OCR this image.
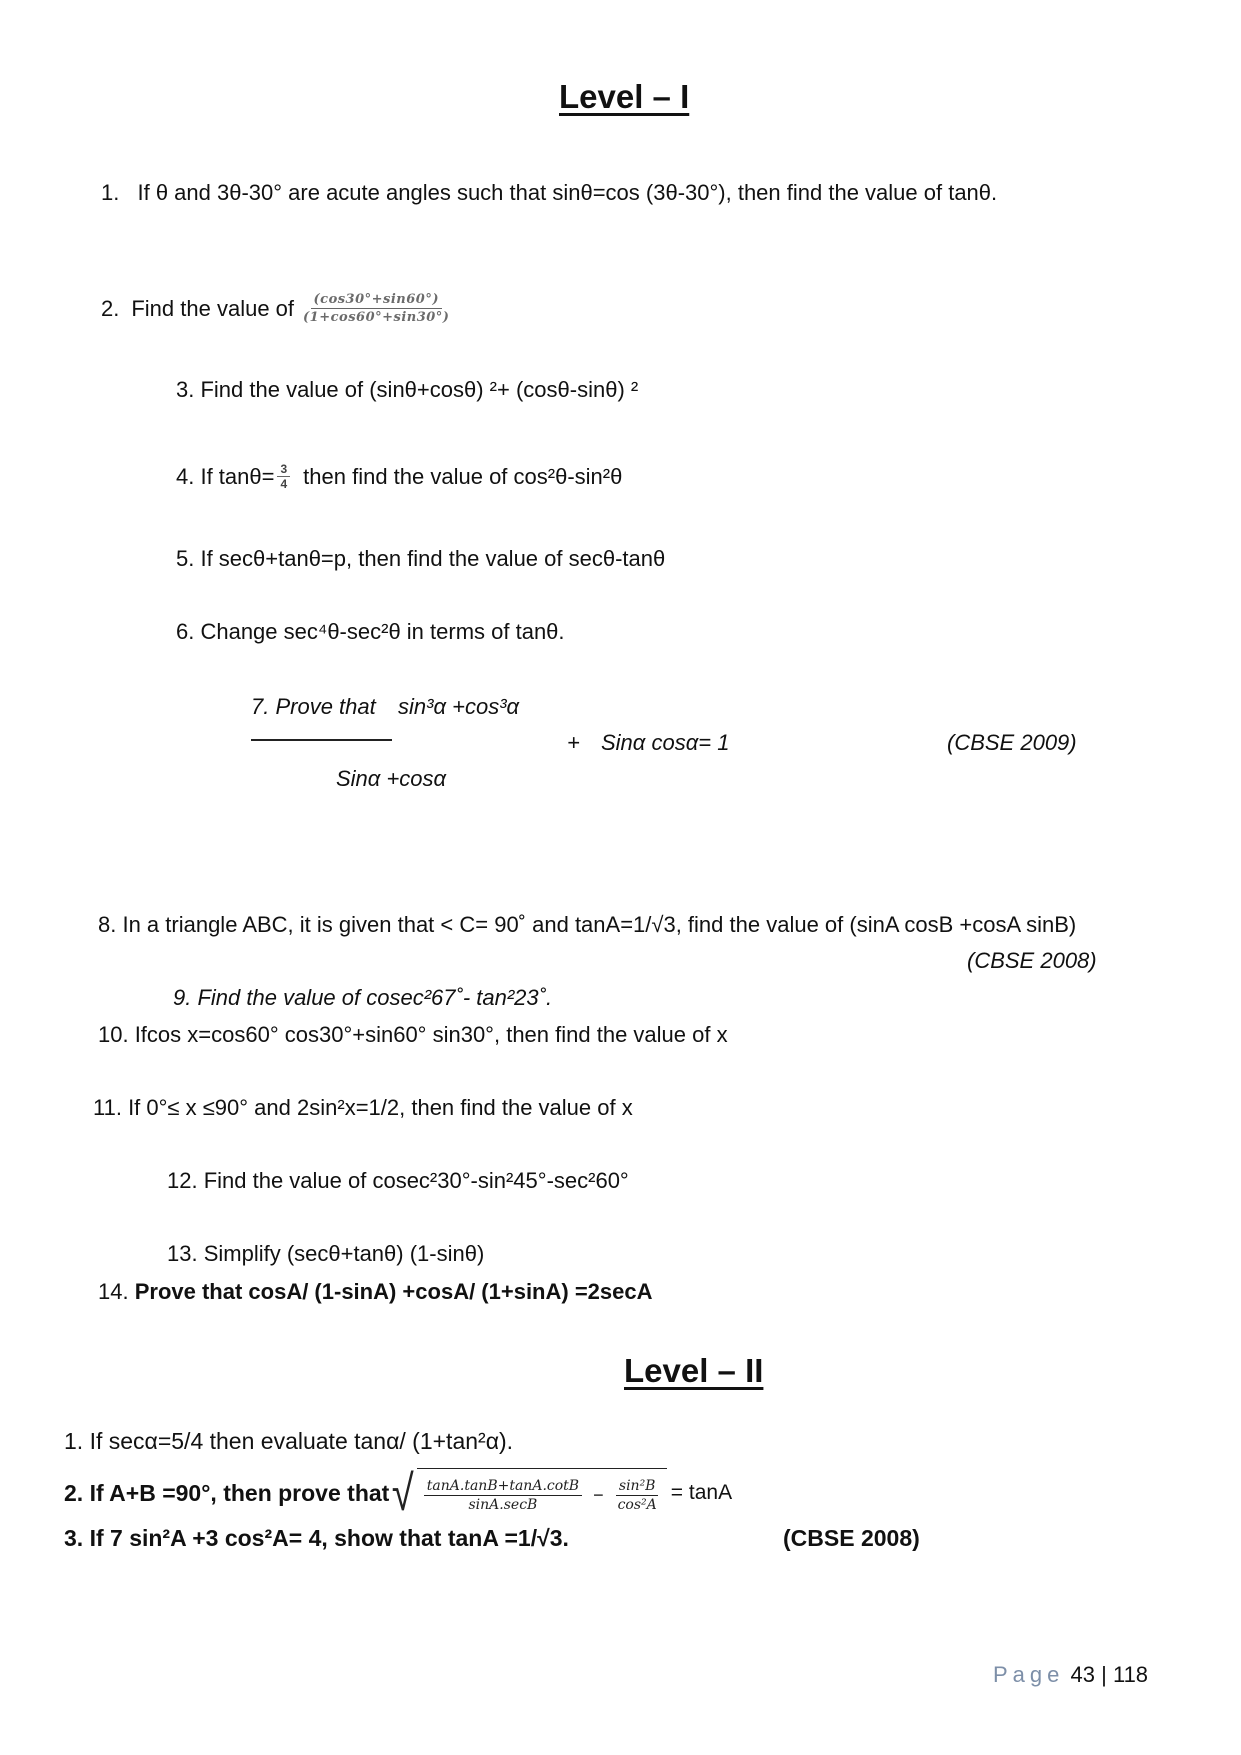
Level – I
1. If θ and 3θ-30° are acute angles such that sinθ=cos (3θ-30°), then find the value of tanθ.
2. Find the value of $\frac{(\cos 30^\circ+\sin 60^\circ)}{(1+\cos 60^\circ+\sin 30^\circ)}$
3. Find the value of (sinθ+cosθ) ²+ (cosθ-sinθ) ²
4. If $\tan\theta= \frac{3}{4}$ then find the value of cos²θ-sin²θ
5. If secθ+tanθ=p, then find the value of secθ-tanθ
6. Change sec⁴θ-sec²θ in terms of tanθ.
7. Prove that sin³α +cos³α
+ Sinα cosα= 1	(CBSE 2009)
Sinα +cosα
8. In a triangle ABC, it is given that < C= 90˚ and tanA=1/√3, find the value of (sinA cosB +cosA sinB)
(CBSE 2008)
9. Find the value of cosec²67˚- tan²23˚.
10. Ifcos x=cos60° cos30°+sin60° sin30°, then find the value of x
11. If 0°≤ x ≤90° and 2sin²x=1/2, then find the value of x
12. Find the value of cosec²30°-sin²45°-sec²60°
13. Simplify (secθ+tanθ) (1-sinθ)
14. Prove that cosA/ (1-sinA) +cosA/ (1+sinA) =2secA
Level – II
1. If secα=5/4 then evaluate tanα/ (1+tan²α).
2. If A+B =90°, then prove that √ $\frac{\tan A.\tan B+\tan A.\cot B}{\sin A.\sec B} - \frac{\text{sin²B}}{\text{cos²A}} = \tan A$
3. If 7 sin²A +3 cos²A= 4, show that tanA =1/√3.	(CBSE 2008)
Page 43 | 118
